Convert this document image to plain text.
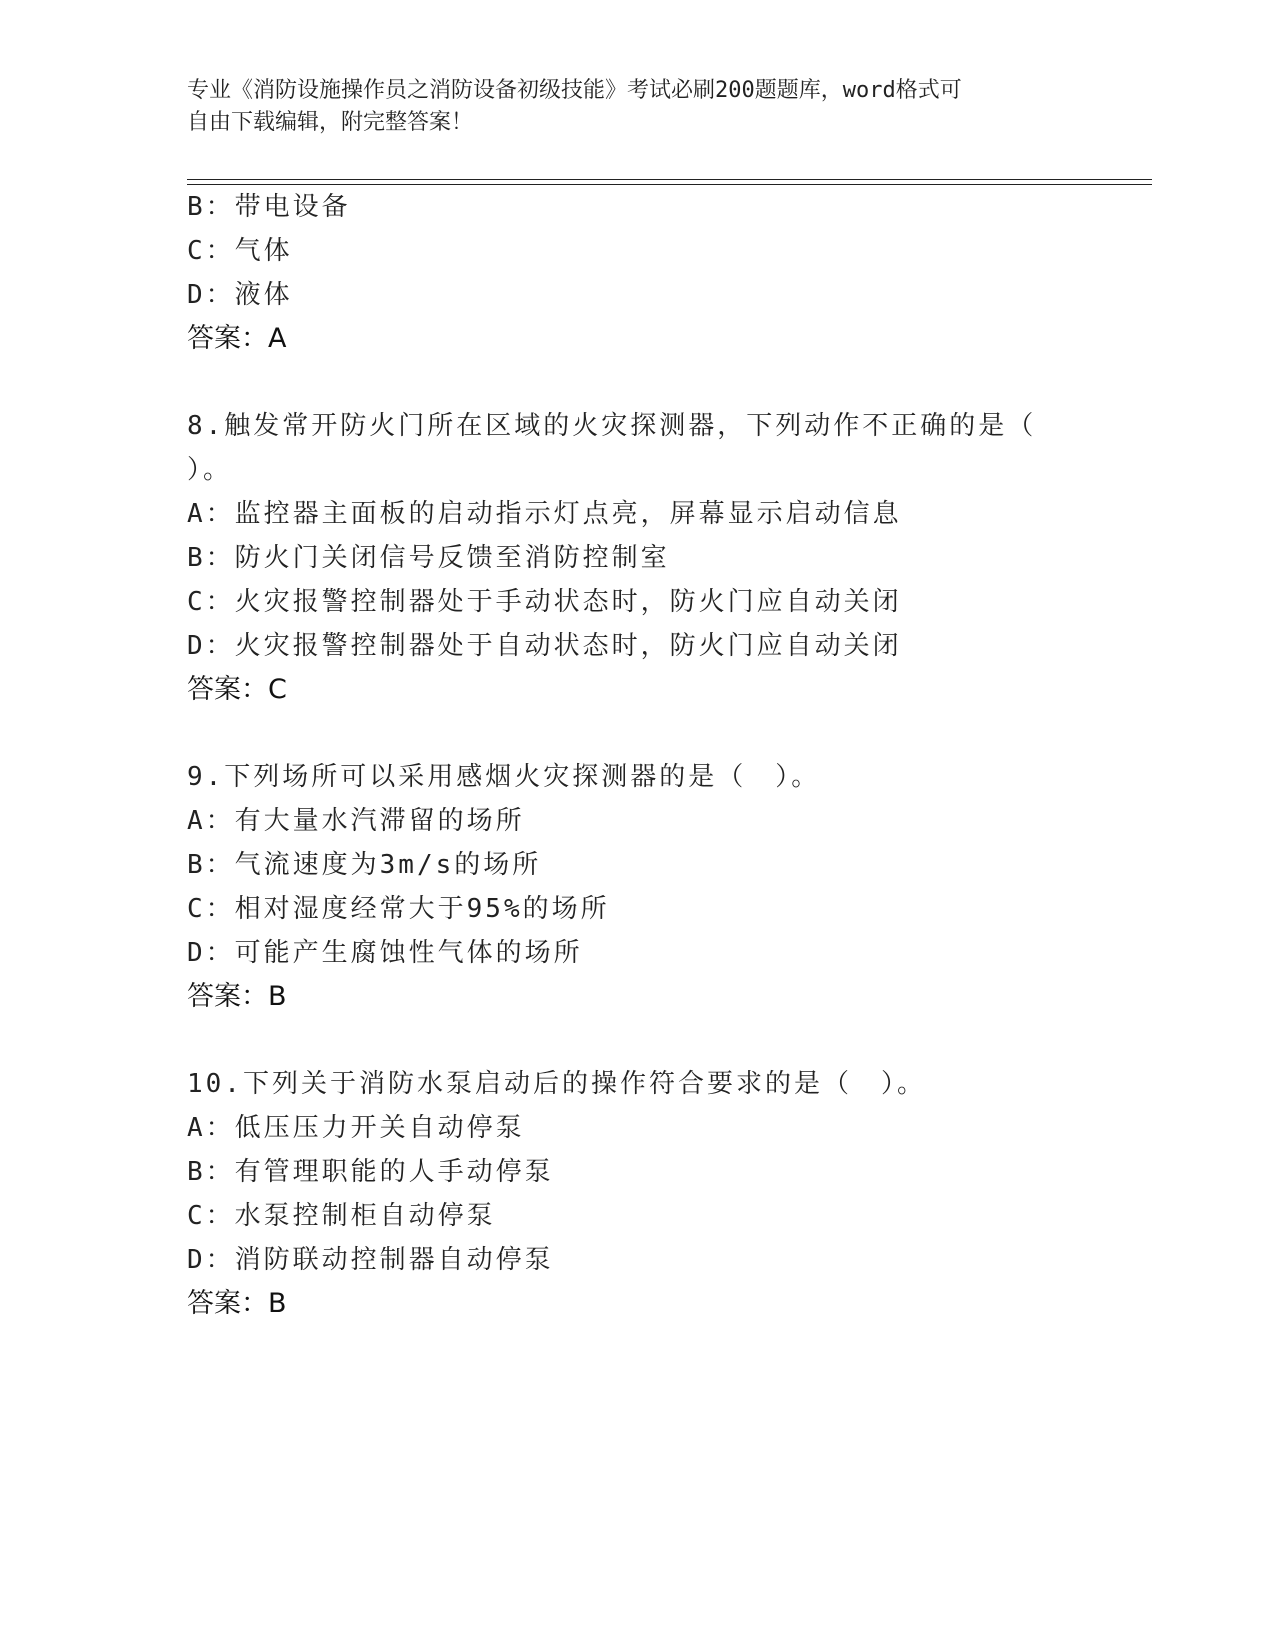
专业《消防设施操作员之消防设备初级技能》考试必刷200题题库，word格式可

自由下载编辑，附完整答案！

B：带电设备

C：气体

D：液体

答案：A

8.触发常开防火门所在区域的火灾探测器，下列动作不正确的是（

）。

A：监控器主面板的启动指示灯点亮，屏幕显示启动信息

B：防火门关闭信号反馈至消防控制室

C：火灾报警控制器处于手动状态时，防火门应自动关闭

D：火灾报警控制器处于自动状态时，防火门应自动关闭

答案：C

9.下列场所可以采用感烟火灾探测器的是（　）。

A：有大量水汽滞留的场所

B：气流速度为3m/s的场所

C：相对湿度经常大于95%的场所

D：可能产生腐蚀性气体的场所

答案：B

10.下列关于消防水泵启动后的操作符合要求的是（　）。

A：低压压力开关自动停泵

B：有管理职能的人手动停泵

C：水泵控制柜自动停泵

D：消防联动控制器自动停泵

答案：B
